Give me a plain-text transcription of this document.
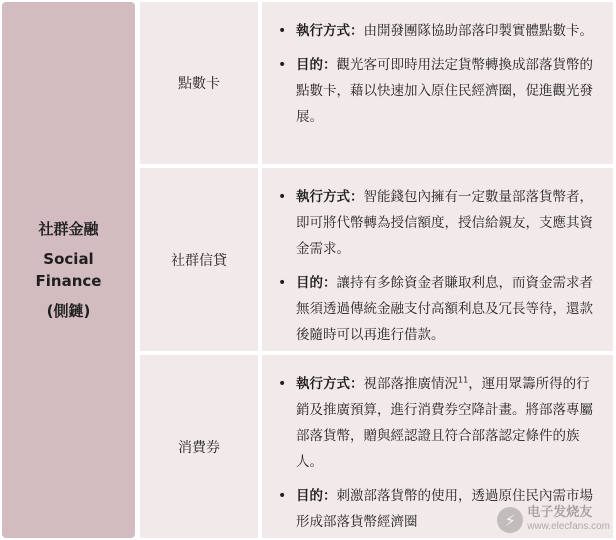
社群金融
Social
Finance
(側鏈)
點數卡
• 執行方式：由開發團隊協助部落印製實體點數卡。
• 目的：觀光客可即時用法定貨幣轉換成部落貨幣的點數卡，藉以快速加入原住民經濟圈，促進觀光發展。
社群信貸
• 執行方式：智能錢包內擁有一定數量部落貨幣者，即可將代幣轉為授信額度，授信給親友，支應其資金需求。
• 目的：讓持有多餘資金者賺取利息，而資金需求者無須透過傳統金融支付高額利息及冗長等待，還款後隨時可以再進行借款。
消費券
• 執行方式：視部落推廣情況$^{11}$，運用眾籌所得的行銷及推廣預算，進行消費券空降計畫。將部落專屬部落貨幣，贈與經認證且符合部落認定條件的族人。
• 目的：刺激部落貨幣的使用，透過原住民內需市場形成部落貨幣經濟圈	⚡ 电子发烧友
www.elecfans.com
